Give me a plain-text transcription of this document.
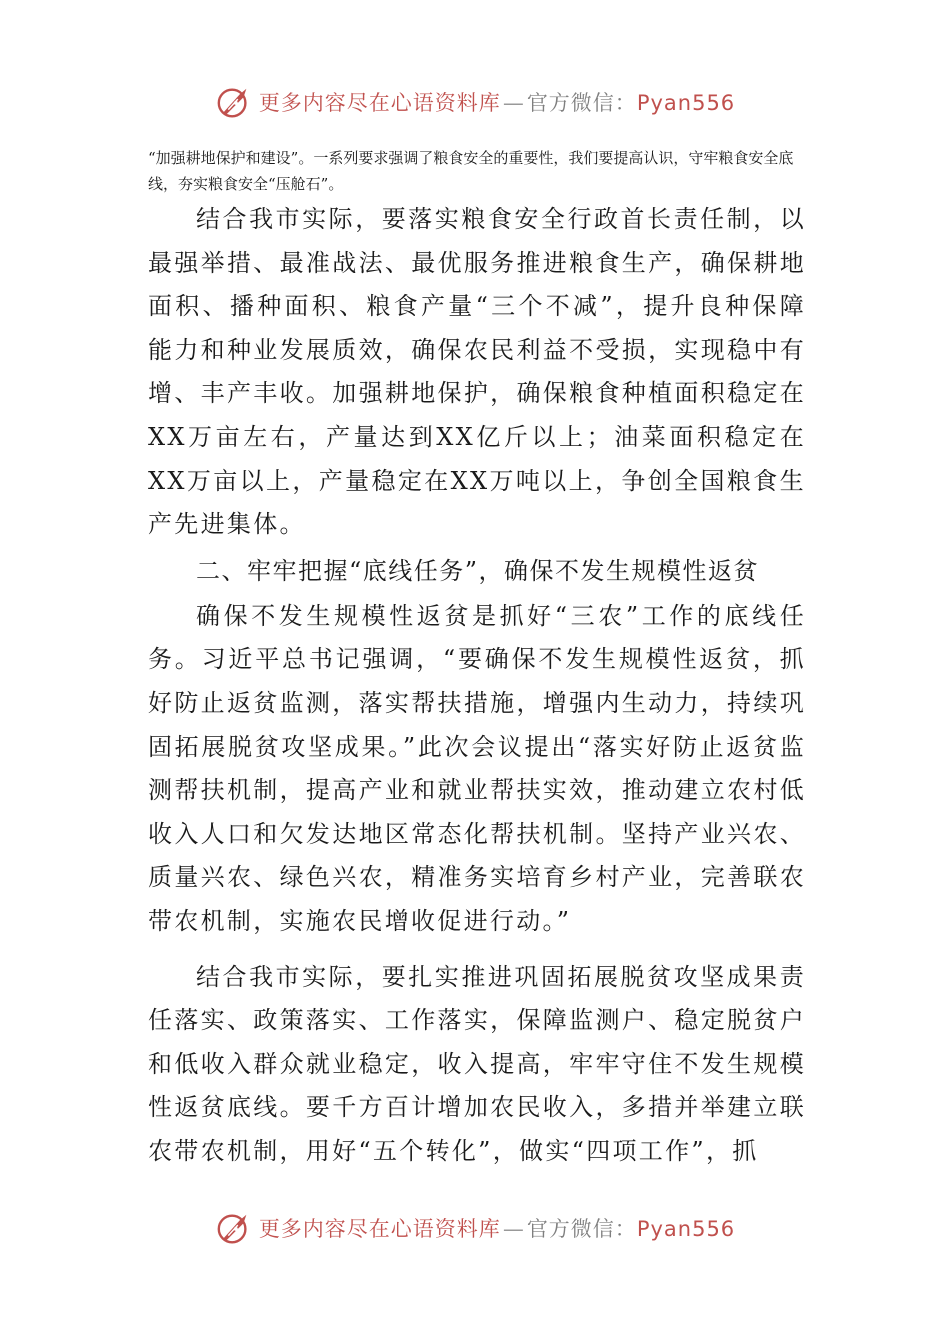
更多内容尽在心语资料库—官方微信：Pyan556

“加强耕地保护和建设”。一系列要求强调了粮食安全的重要性，我们要提高认识，守牢粮食安全底线，夯实粮食安全“压舱石”。

结合我市实际，要落实粮食安全行政首长责任制，以最强举措、最准战法、最优服务推进粮食生产，确保耕地面积、播种面积、粮食产量“三个不减”，提升良种保障能力和种业发展质效，确保农民利益不受损，实现稳中有增、丰产丰收。加强耕地保护，确保粮食种植面积稳定在XX万亩左右，产量达到XX亿斤以上；油菜面积稳定在XX万亩以上，产量稳定在XX万吨以上，争创全国粮食生产先进集体。

二、牢牢把握“底线任务”，确保不发生规模性返贫

确保不发生规模性返贫是抓好“三农”工作的底线任务。习近平总书记强调，“要确保不发生规模性返贫，抓好防止返贫监测，落实帮扶措施，增强内生动力，持续巩固拓展脱贫攻坚成果。”此次会议提出“落实好防止返贫监测帮扶机制，提高产业和就业帮扶实效，推动建立农村低收入人口和欠发达地区常态化帮扶机制。坚持产业兴农、质量兴农、绿色兴农，精准务实培育乡村产业，完善联农带农机制，实施农民增收促进行动。”

结合我市实际，要扎实推进巩固拓展脱贫攻坚成果责任落实、政策落实、工作落实，保障监测户、稳定脱贫户和低收入群众就业稳定，收入提高，牢牢守住不发生规模性返贫底线。要千方百计增加农民收入，多措并举建立联农带农机制，用好“五个转化”，做实“四项工作”，抓

更多内容尽在心语资料库—官方微信：Pyan556
